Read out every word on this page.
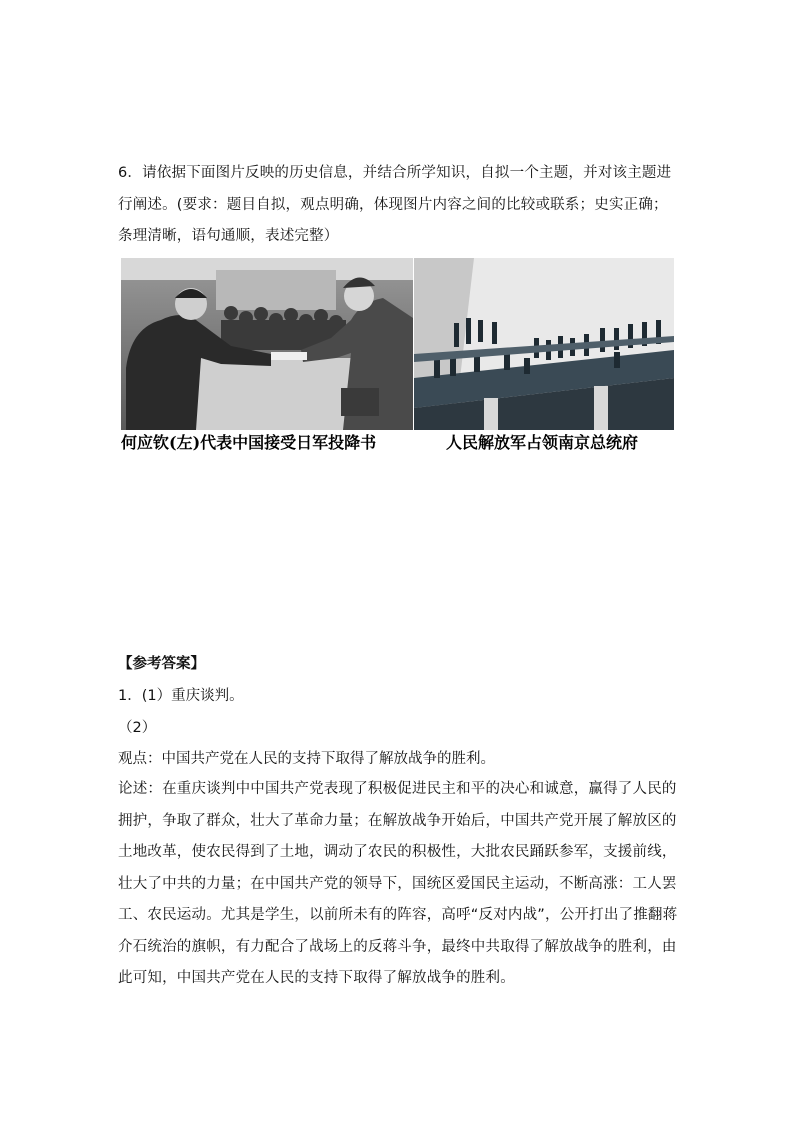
6．请依据下面图片反映的历史信息，并结合所学知识，自拟一个主题，并对该主题进行阐述。(要求：题目自拟，观点明确，体现图片内容之间的比较或联系；史实正确；条理清晰，语句通顺，表述完整）
何应钦(左)代表中国接受日军投降书	人民解放军占领南京总统府
【参考答案】
1．(1）重庆谈判。
（2）
观点：中国共产党在人民的支持下取得了解放战争的胜利。
论述：在重庆谈判中中国共产党表现了积极促进民主和平的决心和诚意，赢得了人民的拥护，争取了群众，壮大了革命力量；在解放战争开始后，中国共产党开展了解放区的土地改革，使农民得到了土地，调动了农民的积极性，大批农民踊跃参军，支援前线，壮大了中共的力量；在中国共产党的领导下，国统区爱国民主运动，不断高涨：工人罢工、农民运动。尤其是学生，以前所未有的阵容，高呼“反对内战”，公开打出了推翻蒋介石统治的旗帜，有力配合了战场上的反蒋斗争，最终中共取得了解放战争的胜利，由此可知，中国共产党在人民的支持下取得了解放战争的胜利。
